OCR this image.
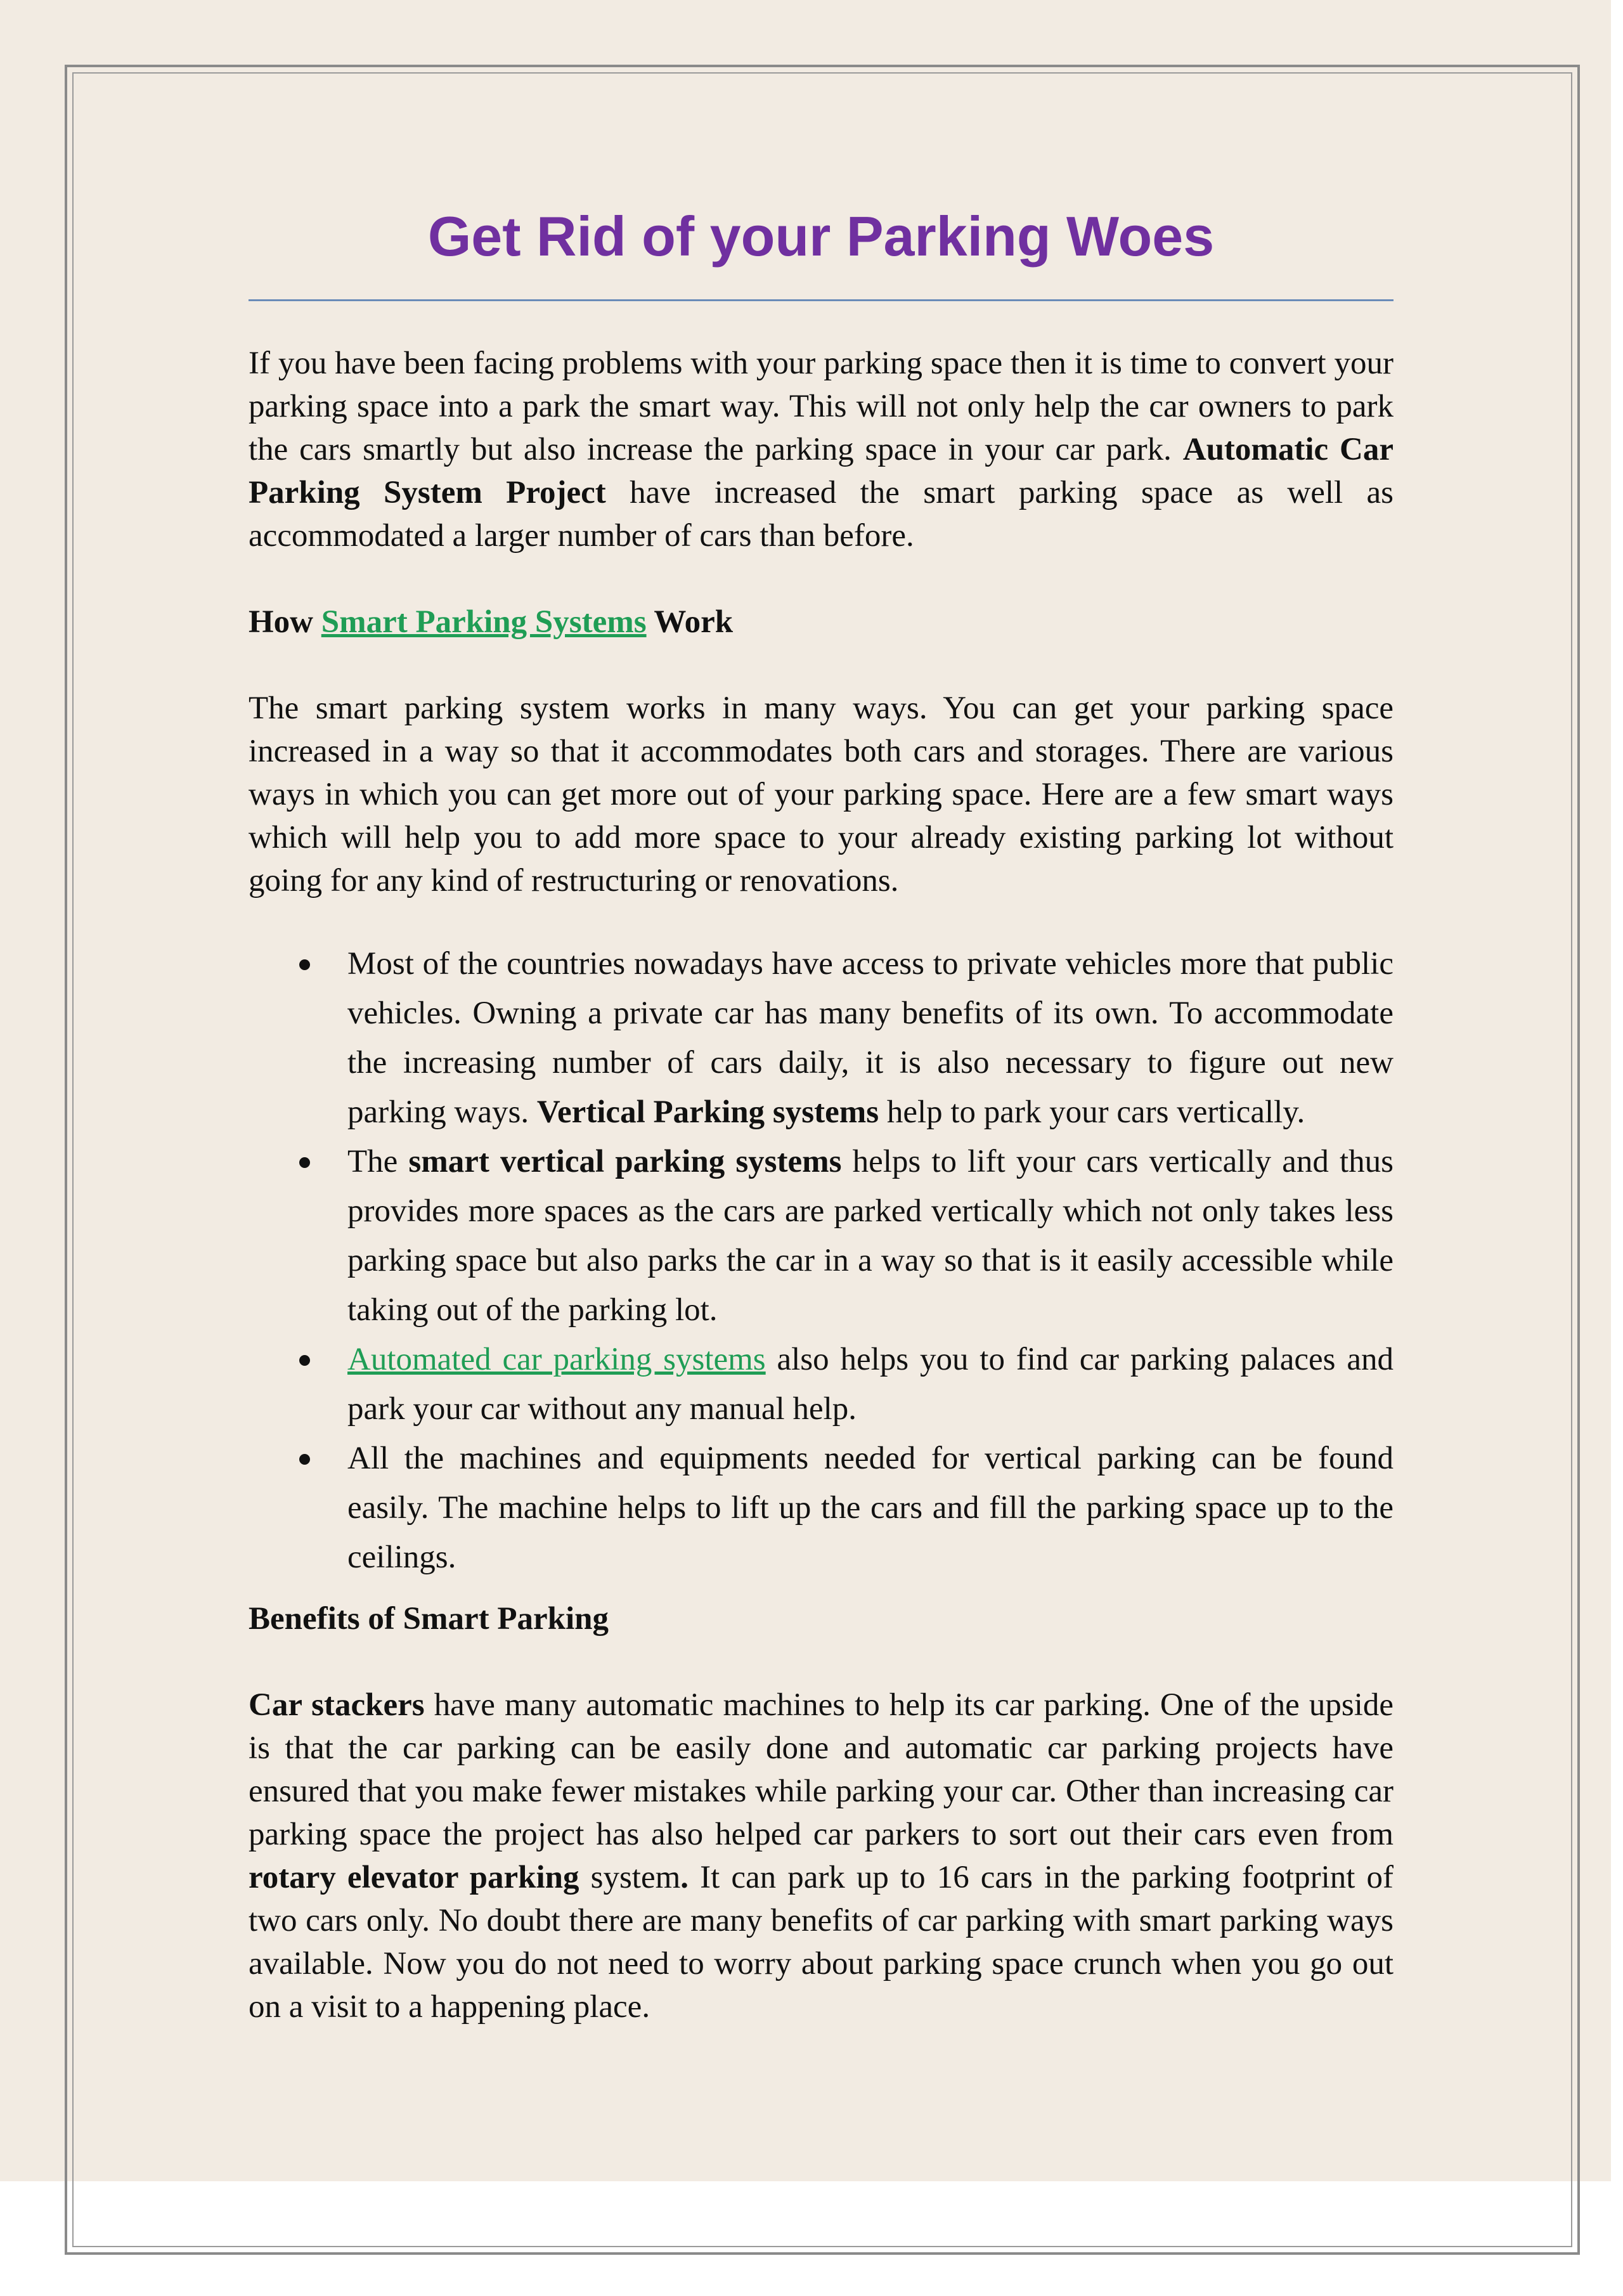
Get Rid of your Parking Woes

If you have been facing problems with your parking space then it is time to convert your parking space into a park the smart way. This will not only help the car owners to park the cars smartly but also increase the parking space in your car park. Automatic Car Parking System Project have increased the smart parking space as well as accommodated a larger number of cars than before.

How Smart Parking Systems Work

The smart parking system works in many ways. You can get your parking space increased in a way so that it accommodates both cars and storages. There are various ways in which you can get more out of your parking space. Here are a few smart ways which will help you to add more space to your already existing parking lot without going for any kind of restructuring or renovations.

Most of the countries nowadays have access to private vehicles more that public vehicles. Owning a private car has many benefits of its own. To accommodate the increasing number of cars daily, it is also necessary to figure out new parking ways. Vertical Parking systems help to park your cars vertically.
The smart vertical parking systems helps to lift your cars vertically and thus provides more spaces as the cars are parked vertically which not only takes less parking space but also parks the car in a way so that is it easily accessible while taking out of the parking lot.
Automated car parking systems also helps you to find car parking palaces and park your car without any manual help.
All the machines and equipments needed for vertical parking can be found easily. The machine helps to lift up the cars and fill the parking space up to the ceilings.
Benefits of Smart Parking

Car stackers have many automatic machines to help its car parking. One of the upside is that the car parking can be easily done and automatic car parking projects have ensured that you make fewer mistakes while parking your car. Other than increasing car parking space the project has also helped car parkers to sort out their cars even from rotary elevator parking system. It can park up to 16 cars in the parking footprint of two cars only. No doubt there are many benefits of car parking with smart parking ways available. Now you do not need to worry about parking space crunch when you go out on a visit to a happening place.
